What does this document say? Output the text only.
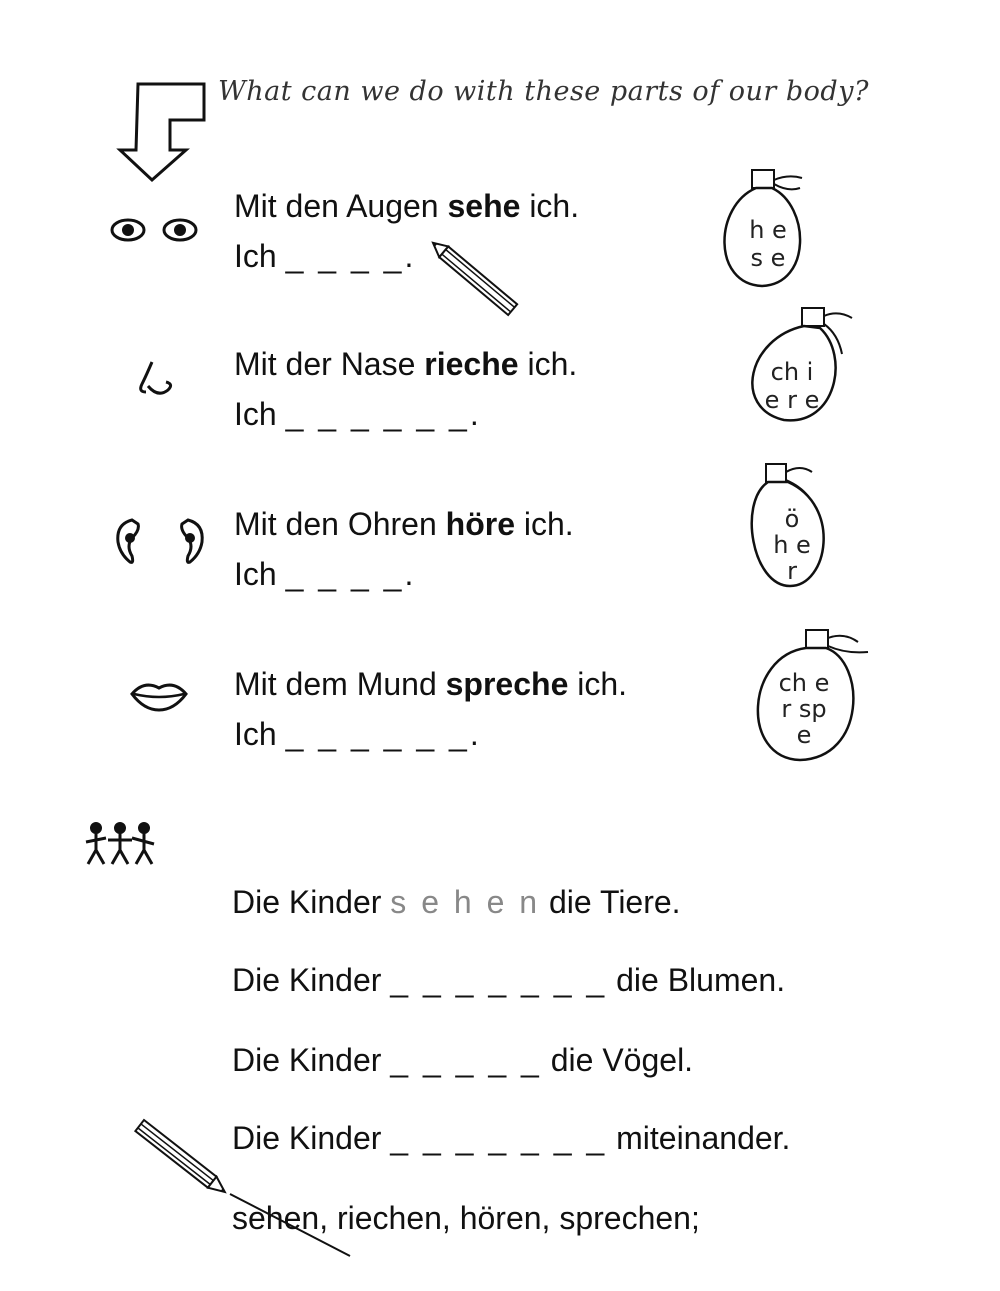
What can we do with these parts of our body?
Mit den Augen sehe ich.
Ich _ _ _ _.
h e
s e
Mit der Nase rieche ich.
Ich _ _ _ _ _ _.
ch i
e r e
Mit den Ohren höre ich.
Ich _ _ _ _.
ö
h e
r
Mit dem Mund spreche ich.
Ich _ _ _ _ _ _.
ch e
r sp
e
Die Kinder s e h e n die Tiere.
Die Kinder _ _ _ _ _ _ _ die Blumen.
Die Kinder _ _ _ _ _ die Vögel.
Die Kinder _ _ _ _ _ _ _ miteinander.
sehen, riechen, hören, sprechen;
